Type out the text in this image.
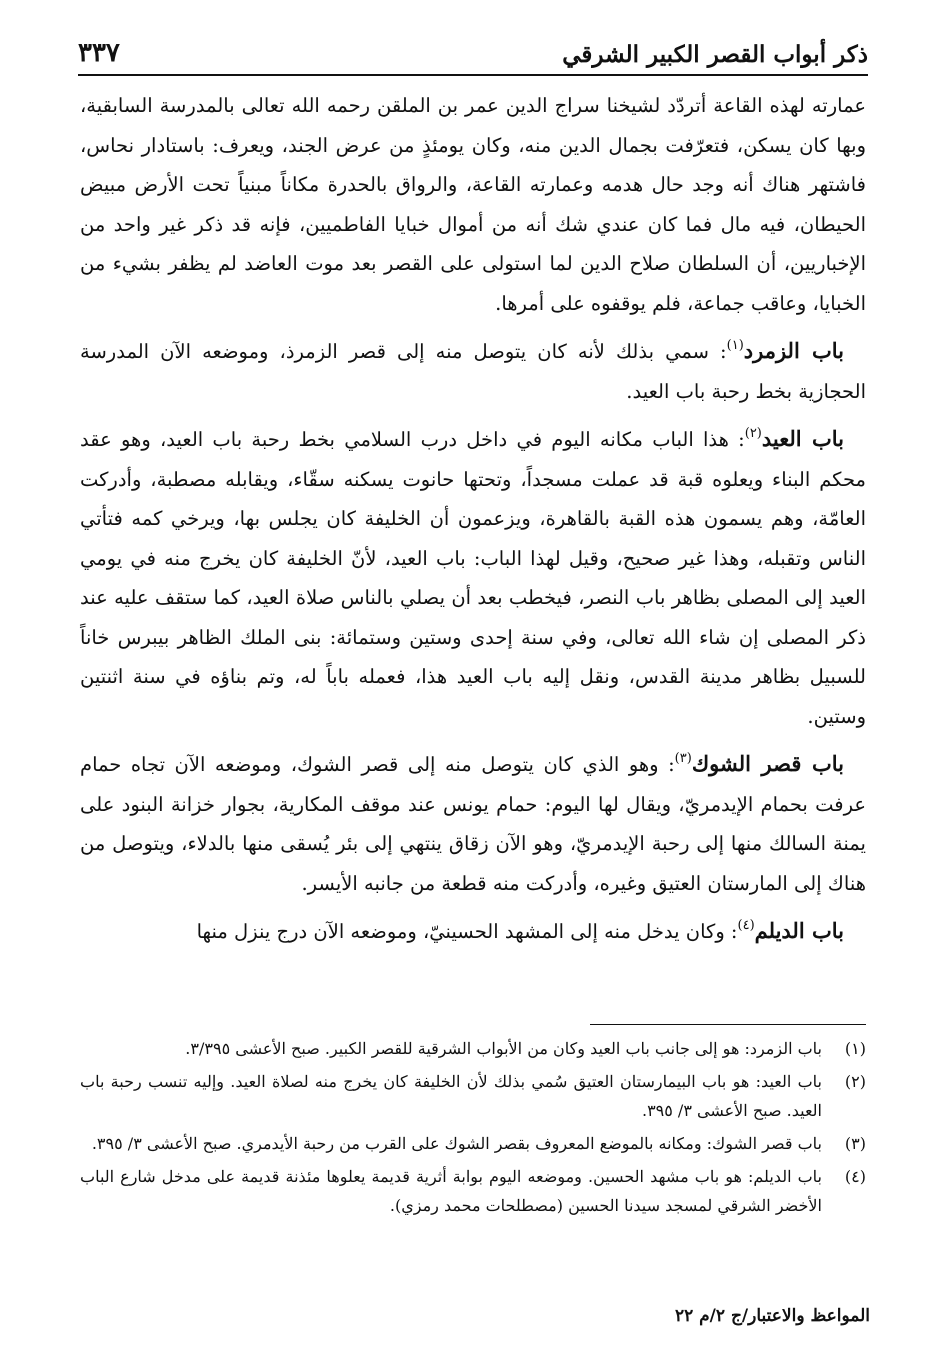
ذكر أبواب القصر الكبير الشرقي
٣٣٧

عمارته لهذه القاعة أتردّد لشيخنا سراج الدين عمر بن الملقن رحمه الله تعالى بالمدرسة السابقية، وبها كان يسكن، فتعرّفت بجمال الدين منه، وكان يومئذٍ من عرض الجند، ويعرف: باستادار نحاس، فاشتهر هناك أنه وجد حال هدمه وعمارته القاعة، والرواق بالحدرة مكاناً مبنياً تحت الأرض مبيض الحيطان، فيه مال فما كان عندي شك أنه من أموال خبايا الفاطميين، فإنه قد ذكر غير واحد من الإخباريين، أن السلطان صلاح الدين لما استولى على القصر بعد موت العاضد لم يظفر بشيء من الخبايا، وعاقب جماعة، فلم يوقفوه على أمرها.

باب الزمرد$^{(١)}$: سمي بذلك لأنه كان يتوصل منه إلى قصر الزمرذ، وموضعه الآن المدرسة الحجازية بخط رحبة باب العيد.

باب العيد$^{(٢)}$: هذا الباب مكانه اليوم في داخل درب السلامي بخط رحبة باب العيد، وهو عقد محكم البناء ويعلوه قبة قد عملت مسجداً، وتحتها حانوت يسكنه سقّاء، ويقابله مصطبة، وأدركت العامّة، وهم يسمون هذه القبة بالقاهرة، ويزعمون أن الخليفة كان يجلس بها، ويرخي كمه فتأتي الناس وتقبله، وهذا غير صحيح، وقيل لهذا الباب: باب العيد، لأنّ الخليفة كان يخرج منه في يومي العيد إلى المصلى بظاهر باب النصر، فيخطب بعد أن يصلي بالناس صلاة العيد، كما ستقف عليه عند ذكر المصلى إن شاء الله تعالى، وفي سنة إحدى وستين وستمائة: بنى الملك الظاهر بيبرس خاناً للسبيل بظاهر مدينة القدس، ونقل إليه باب العيد هذا، فعمله باباً له، وتم بناؤه في سنة اثنتين وستين.

باب قصر الشوك$^{(٣)}$: وهو الذي كان يتوصل منه إلى قصر الشوك، وموضعه الآن تجاه حمام عرفت بحمام الإيدمريّ، ويقال لها اليوم: حمام يونس عند موقف المكارية، بجوار خزانة البنود على يمنة السالك منها إلى رحبة الإيدمريّ، وهو الآن زقاق ينتهي إلى بئر يُسقى منها بالدلاء، ويتوصل من هناك إلى المارستان العتيق وغيره، وأدركت منه قطعة من جانبه الأيسر.

باب الديلم$^{(٤)}$: وكان يدخل منه إلى المشهد الحسينيّ، وموضعه الآن درج ينزل منها

(١)
باب الزمرد: هو إلى جانب باب العيد وكان من الأبواب الشرقية للقصر الكبير. صبح الأعشى ٣/٣٩٥.
(٢)
باب العيد: هو باب البيمارستان العتيق سُمي بذلك لأن الخليفة كان يخرج منه لصلاة العيد. وإليه تنسب رحبة باب العيد. صبح الأعشى ٣/ ٣٩٥.
(٣)
باب قصر الشوك: ومكانه بالموضع المعروف بقصر الشوك على القرب من رحبة الأيدمري. صبح الأعشى ٣/ ٣٩٥.
(٤)
باب الديلم: هو باب مشهد الحسين. وموضعه اليوم بوابة أثرية قديمة يعلوها مئذنة قديمة على مدخل شارع الباب الأخضر الشرقي لمسجد سيدنا الحسين (مصطلحات محمد رمزي).
المواعظ والاعتبار/ج ٢/م ٢٢
